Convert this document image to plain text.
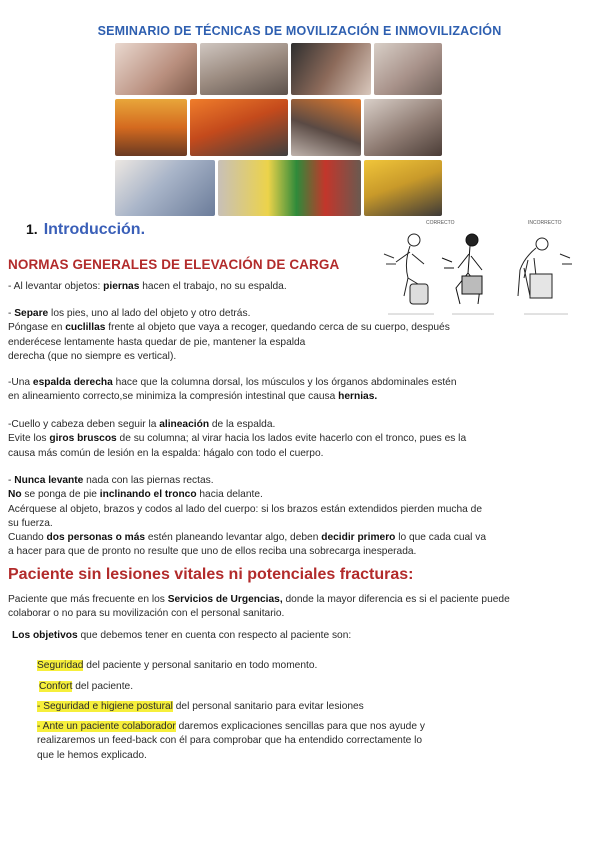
SEMINARIO DE TÉCNICAS DE MOVILIZACIÓN E INMOVILIZACIÓN
CORRECTO	INCORRECTO
1. Introducción.
NORMAS GENERALES DE ELEVACIÓN DE CARGA
- Al levantar objetos: piernas hacen el trabajo, no su espalda.
- Separe los pies, uno al lado del objeto y otro detrás.
Póngase en cuclillas frente al objeto que vaya a recoger, quedando cerca de su cuerpo, después
enderécese lentamente hasta quedar de pie, mantener la espalda
derecha (que no siempre es vertical).
-Una espalda derecha hace que la columna dorsal, los músculos y los órganos abdominales estén
en alineamiento correcto,se minimiza la compresión intestinal que causa hernias.
-Cuello y cabeza deben seguir la alineación de la espalda.
Evite los giros bruscos de su columna; al virar hacia los lados evite hacerlo con el tronco, pues es la
causa más común de lesión en la espalda: hágalo con todo el cuerpo.
- Nunca levante nada con las piernas rectas.
No se ponga de pie inclinando el tronco hacia delante.
Acérquese al objeto, brazos y codos al lado del cuerpo: si los brazos están extendidos pierden mucha de
su fuerza.
Cuando dos personas o más estén planeando levantar algo, deben decidir primero lo que cada cual va
a hacer para que de pronto no resulte que uno de ellos reciba una sobrecarga inesperada.
Paciente sin lesiones vitales ni potenciales fracturas:
Paciente que más frecuente en los Servicios de Urgencias, donde la mayor diferencia es si el paciente puede
colaborar o no para su movilización con el personal sanitario.
Los objetivos que debemos tener en cuenta con respecto al paciente son:
Seguridad del paciente y personal sanitario en todo momento.
Confort del paciente.
- Seguridad e higiene postural del personal sanitario para evitar lesiones
- Ante un paciente colaborador daremos explicaciones sencillas para que nos ayude y
realizaremos un feed-back con él para comprobar que ha entendido correctamente lo
que le hemos explicado.
